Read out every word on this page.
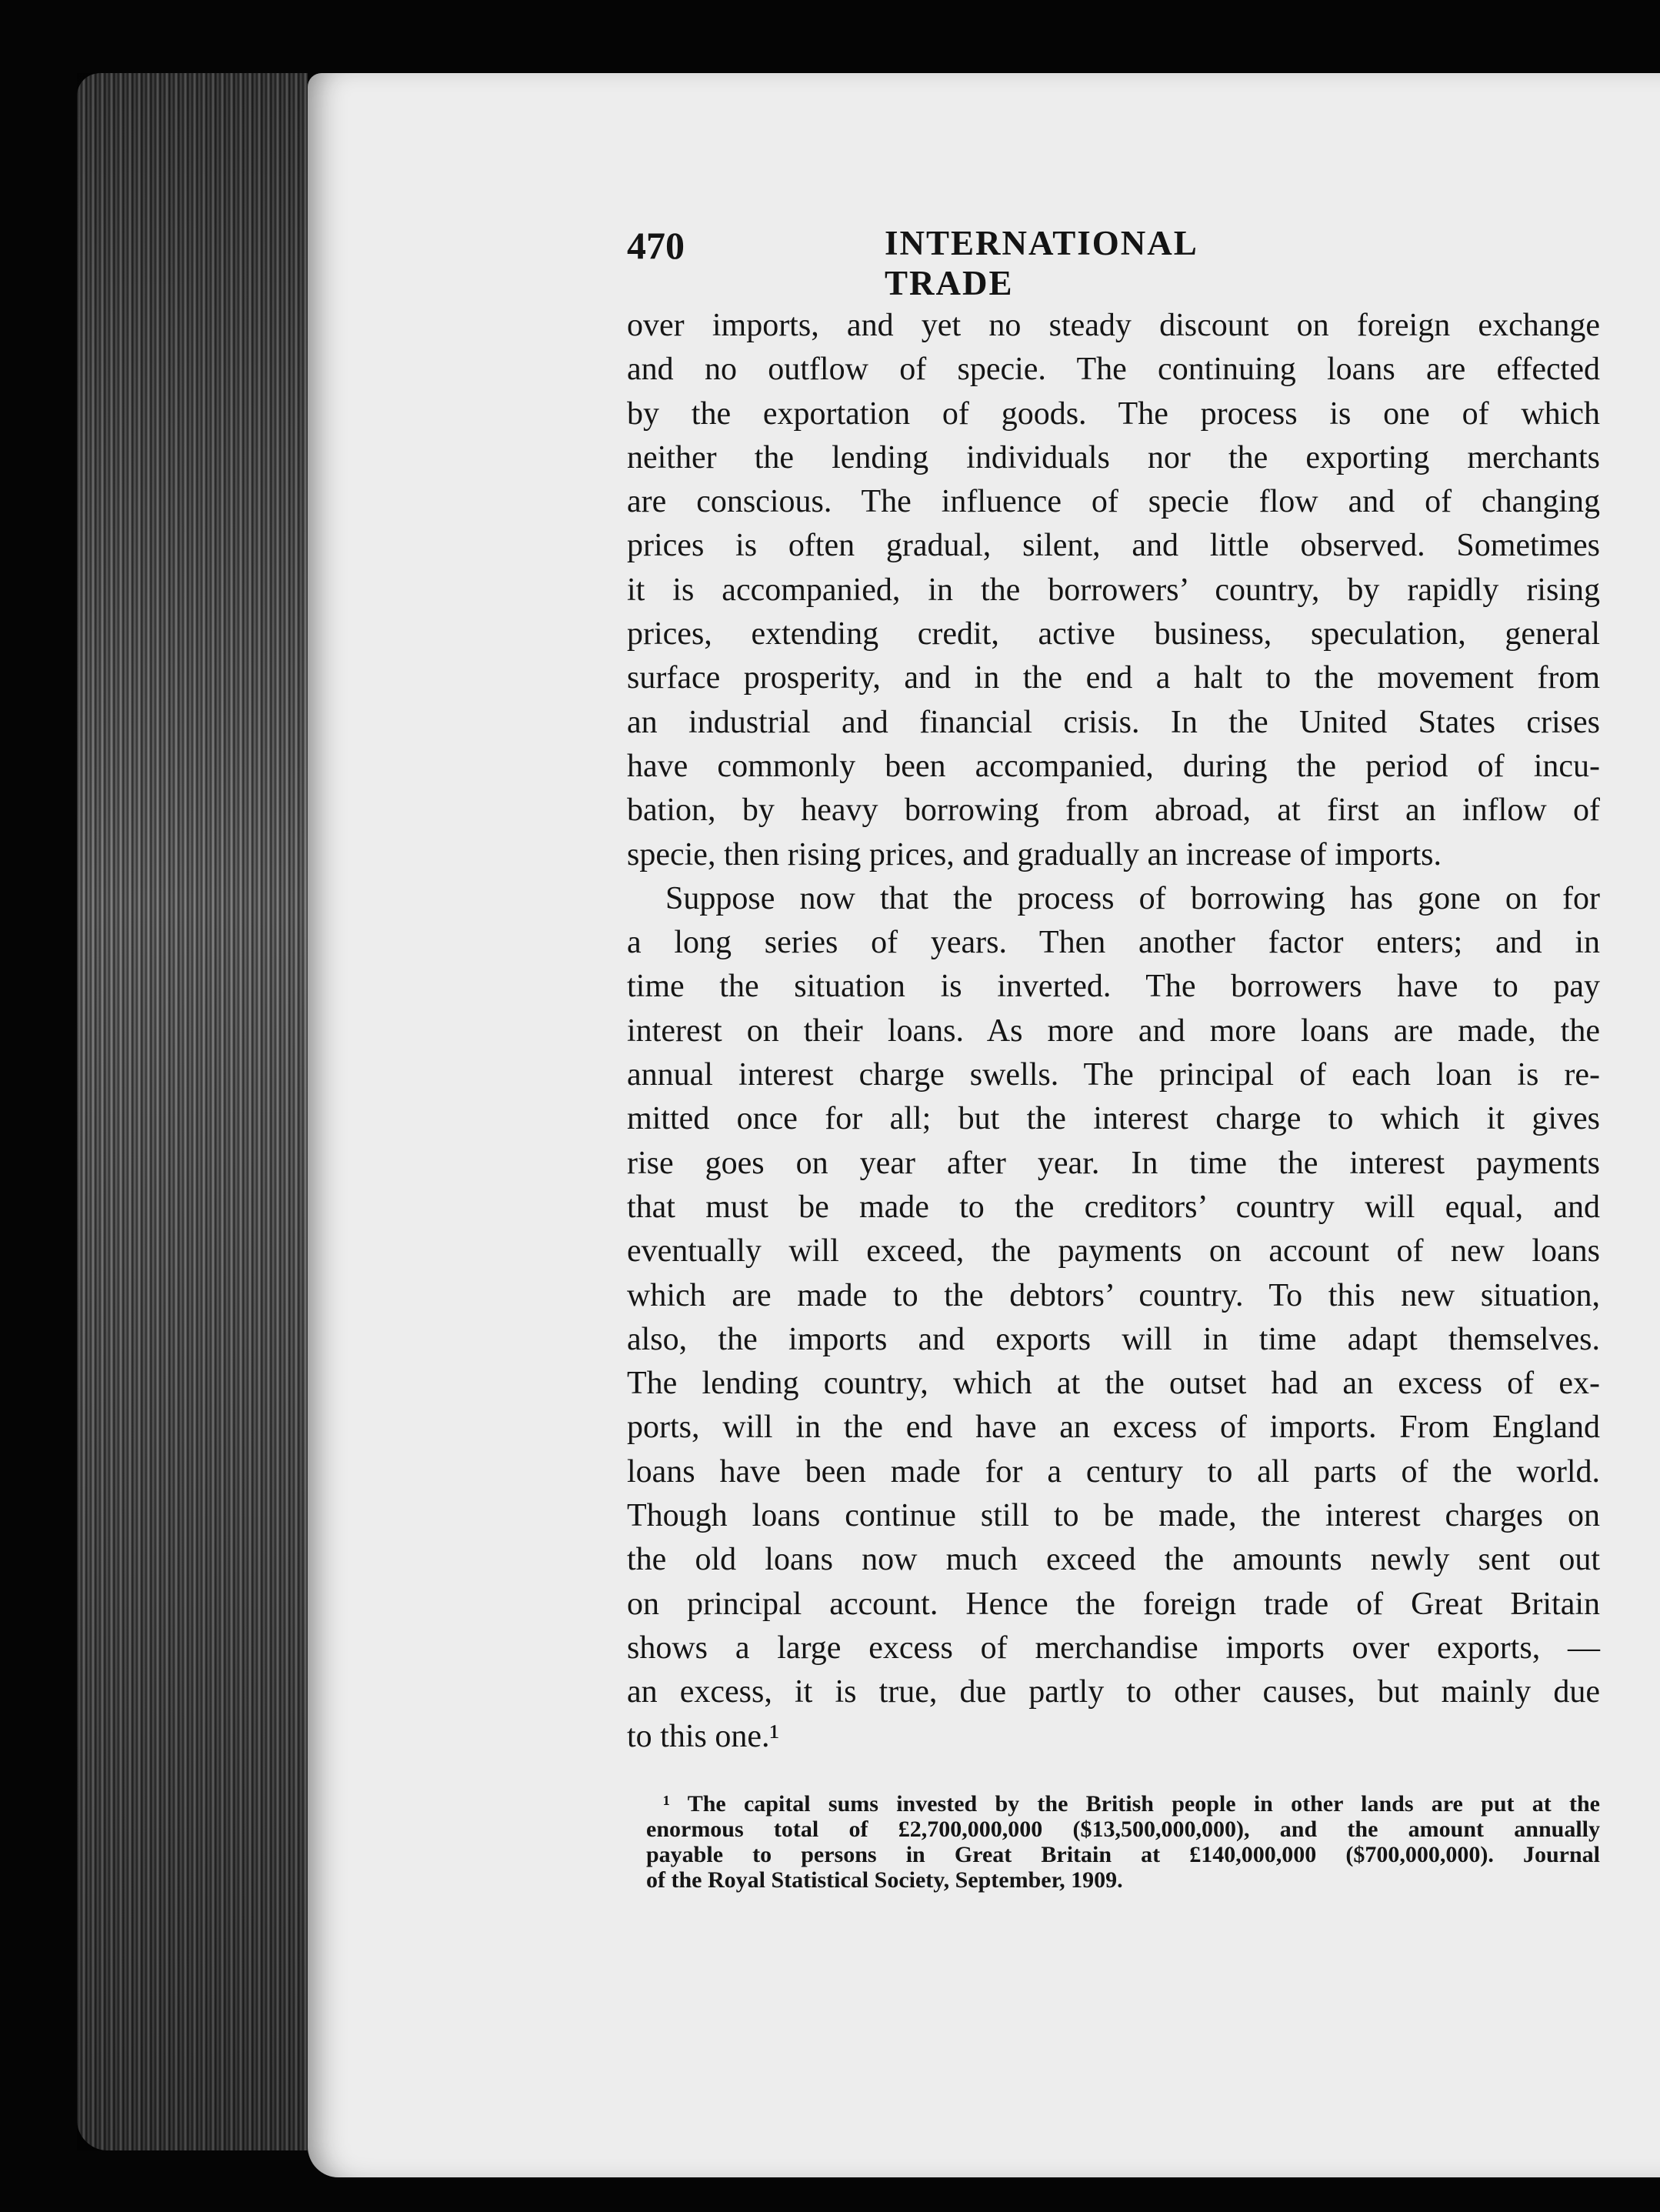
470	INTERNATIONAL TRADE
over imports, and yet no steady discount on foreign exchange
and no outflow of specie. The continuing loans are effected
by the exportation of goods. The process is one of which
neither the lending individuals nor the exporting merchants
are conscious. The influence of specie flow and of changing
prices is often gradual, silent, and little observed. Sometimes
it is accompanied, in the borrowers’ country, by rapidly rising
prices, extending credit, active business, speculation, general
surface prosperity, and in the end a halt to the movement from
an industrial and financial crisis. In the United States crises
have commonly been accompanied, during the period of incu-
bation, by heavy borrowing from abroad, at first an inflow of
specie, then rising prices, and gradually an increase of imports.
Suppose now that the process of borrowing has gone on for
a long series of years. Then another factor enters; and in
time the situation is inverted. The borrowers have to pay
interest on their loans. As more and more loans are made, the
annual interest charge swells. The principal of each loan is re-
mitted once for all; but the interest charge to which it gives
rise goes on year after year. In time the interest payments
that must be made to the creditors’ country will equal, and
eventually will exceed, the payments on account of new loans
which are made to the debtors’ country. To this new situation,
also, the imports and exports will in time adapt themselves.
The lending country, which at the outset had an excess of ex-
ports, will in the end have an excess of imports. From England
loans have been made for a century to all parts of the world.
Though loans continue still to be made, the interest charges on
the old loans now much exceed the amounts newly sent out
on principal account. Hence the foreign trade of Great Britain
shows a large excess of merchandise imports over exports, —
an excess, it is true, due partly to other causes, but mainly due
to this one.¹
¹ The capital sums invested by the British people in other lands are put at the
enormous total of £2,700,000,000 ($13,500,000,000), and the amount annually
payable to persons in Great Britain at £140,000,000 ($700,000,000). Journal
of the Royal Statistical Society, September, 1909.
